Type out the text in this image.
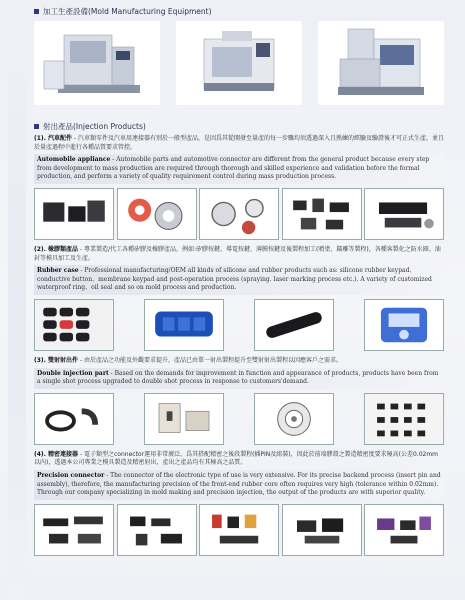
加工生產設備(Mold Manufacturing Equipment)
射出產品(Injection Products)

(1). 汽車配件 - 汽車類零件及汽車用連接器有別於一般型產品，是因爲其從開發至量產的每一步驟均須透過深入且熟練的經驗及驗證後才可正式生產，並且於量產過程中進行各種品質要求管控。

Automobile appliance - Automobile parts and automotive connector are different from the general product because every step from development to mass production are required through thorough and skilled experience and validation before the formal production, and perform a variety of quality requirement control during mass production process.

(2). 橡膠類產品 - 專業製造/代工各種矽膠及橡膠產品，例如:矽膠按鍵、導電按鍵、薄膜按鍵及後製程加工(噴塗、鐳雕等製程)，各種客製化之防水圈、油封等模具加工及生產。

Rubber case - Professional manufacturing/OEM all kinds of silicone and rubber products such as: silicone rubber keypad、conductive button、membrane keypad and post-operation process (spraying. laser marking process etc.). A variety of customized waterproof ring、oil seal and so on mold process and production.

(3). 雙射射出件 - 由於產品之功能及外觀要求提升，產品已由單一射出製程提升至雙射射出製程以因應客戶之需求。

Double injection part - Based on the demands for improvement in function and appearance of products, products have been from a single shot process upgraded to double shot process in response to customers'demand.

(4). 精密連接器 - 電子類型之connector運用非常廣泛，爲其搭配精密之後段製程(插PIN及組裝)，因此於前端膠殼之製造精密度要求極高(公差0.02mm以內)，透過本公司專業之模具製造及精密射出，產出之產品均有其極高之品質。

Precision connector - The connector of the electronic type of use is very extensive. For its precise backend process (insert pin and assembly), therefore, the manufacturing precision of the front-end rubber core often requires very high (tolerance within 0.02mm). Through our company specializing in mold making and precision injection, the output of the products are with superior quality.
